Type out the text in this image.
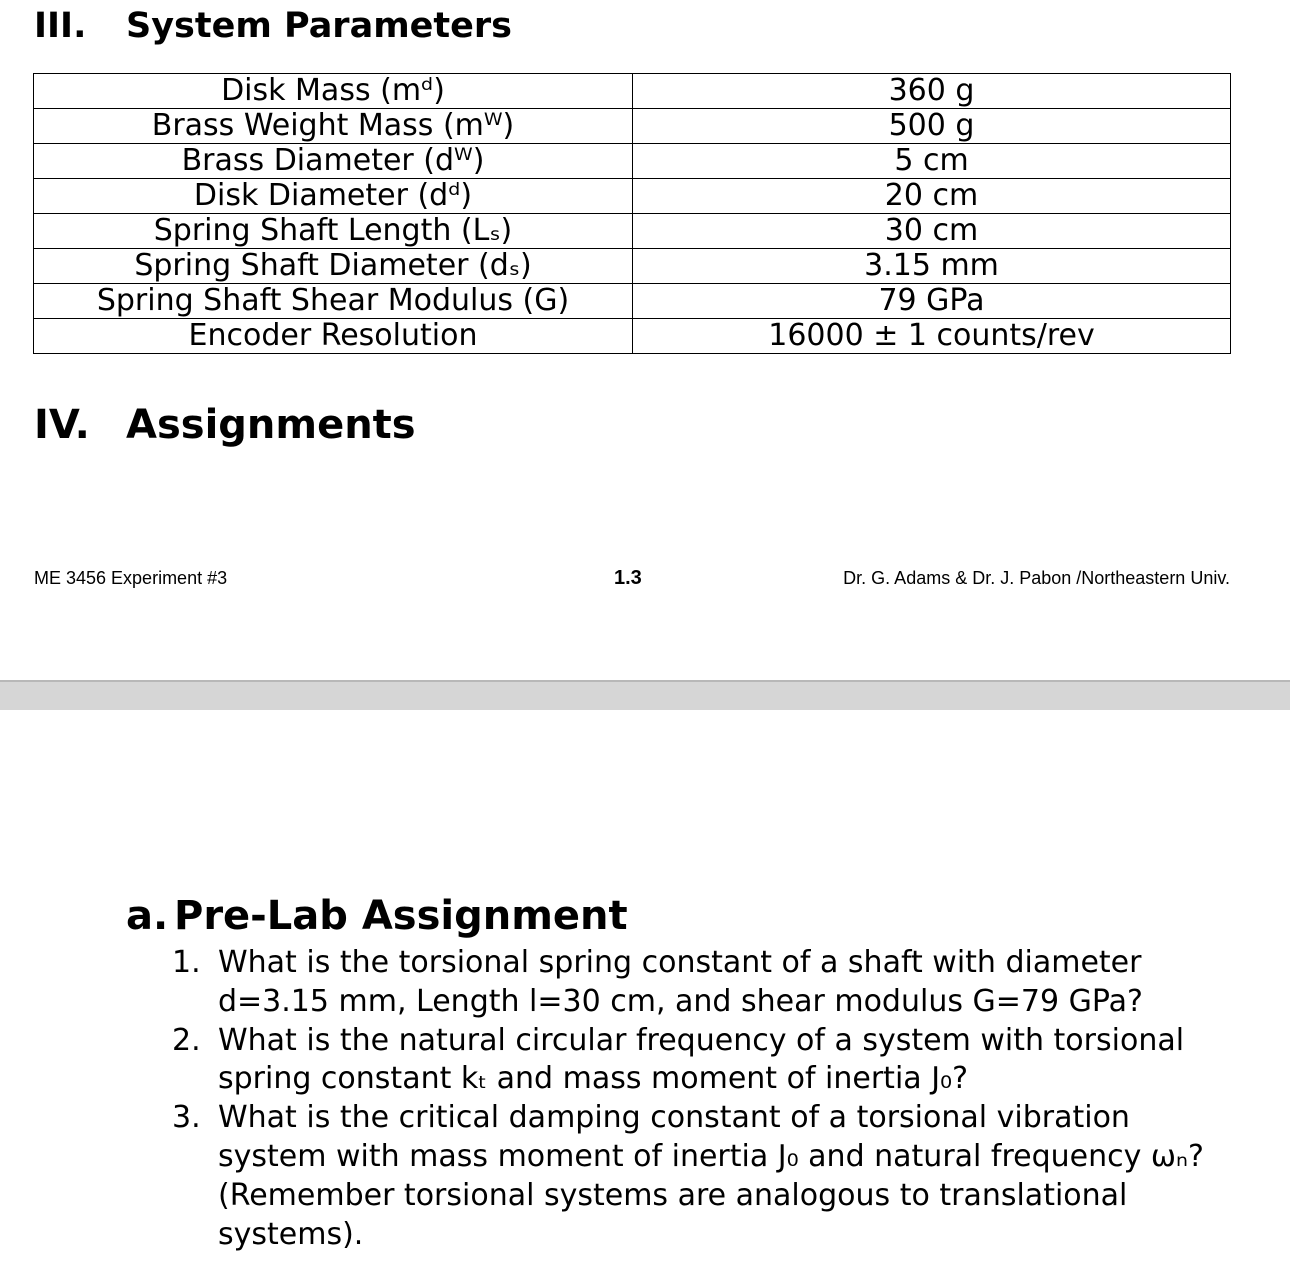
III. System Parameters
Disk Mass (mᵈ)	360 g
Brass Weight Mass (mᵂ)	500 g
Brass Diameter (dᵂ)	5 cm
Disk Diameter (dᵈ)	20 cm
Spring Shaft Length (Lₛ)	30 cm
Spring Shaft Diameter (dₛ)	3.15 mm
Spring Shaft Shear Modulus (G)	79 GPa
Encoder Resolution	16000 ± 1 counts/rev
IV. Assignments
ME 3456 Experiment #3	1.3	Dr. G. Adams & Dr. J. Pabon /Northeastern Univ.
a. Pre-Lab Assignment
1. What is the torsional spring constant of a shaft with diameter
d=3.15 mm, Length l=30 cm, and shear modulus G=79 GPa?
2. What is the natural circular frequency of a system with torsional
spring constant kₜ and mass moment of inertia J₀?
3. What is the critical damping constant of a torsional vibration
system with mass moment of inertia J₀ and natural frequency ωₙ?
(Remember torsional systems are analogous to translational
systems).
